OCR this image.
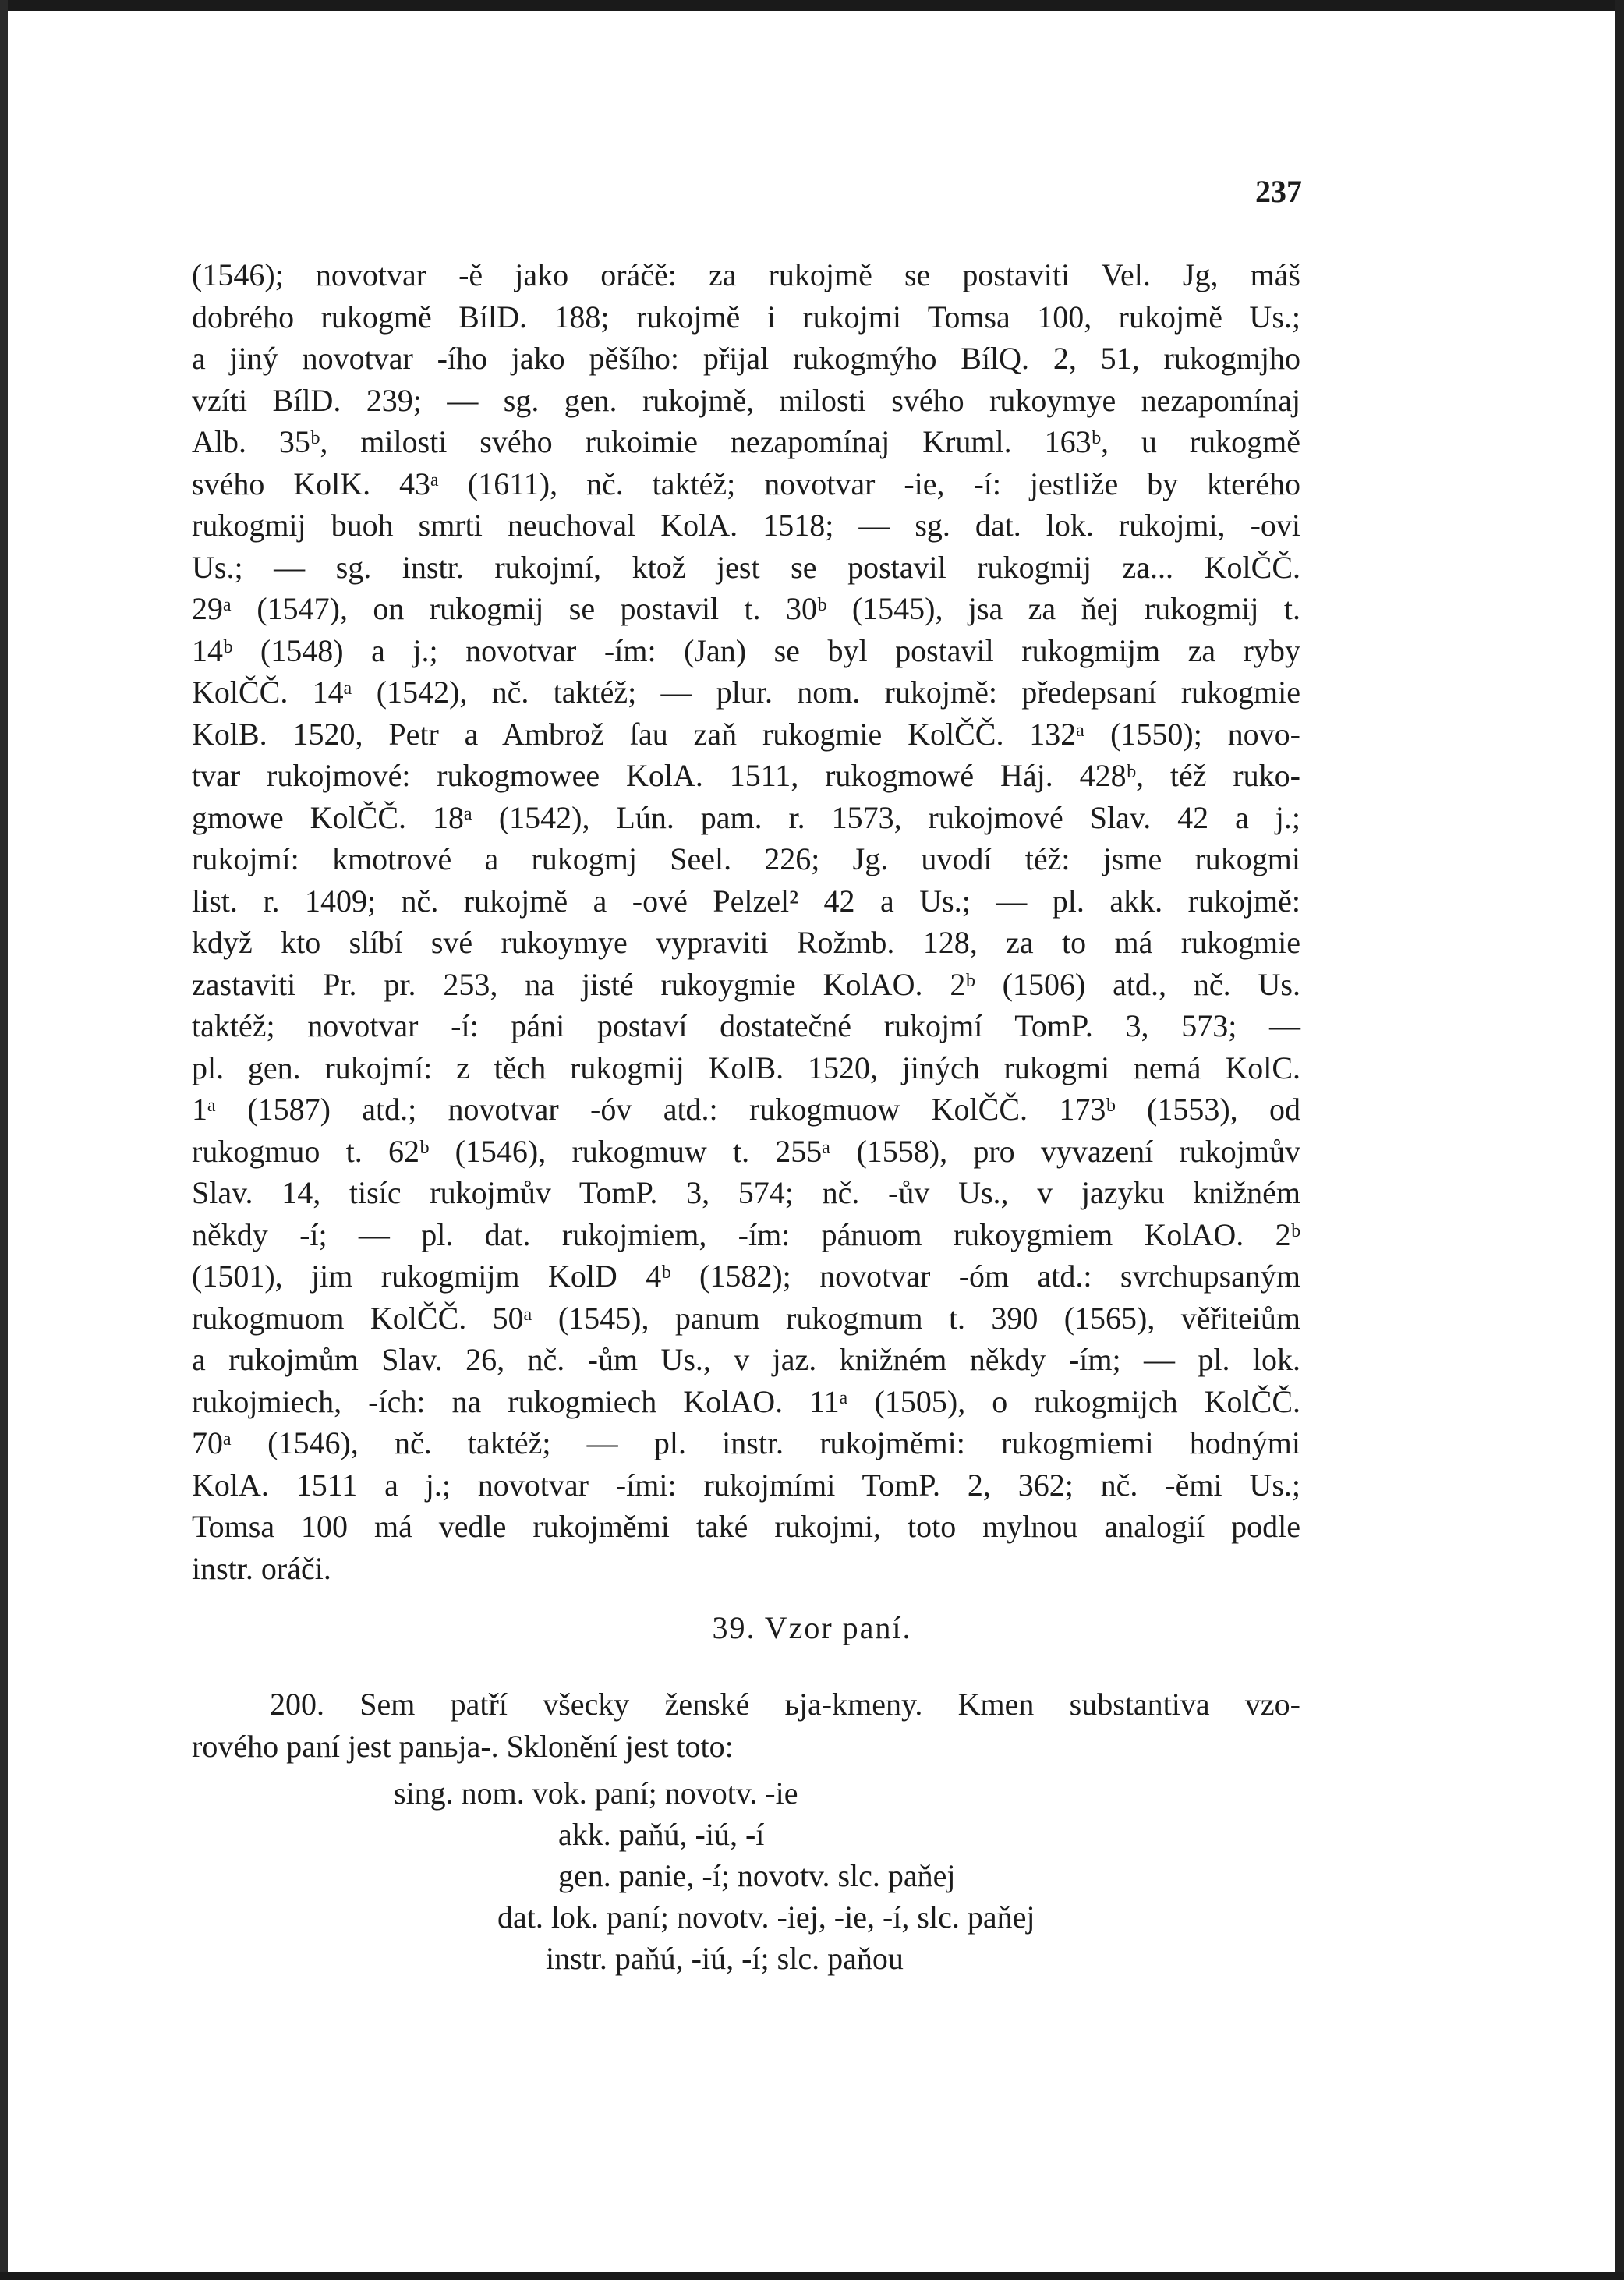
237
(1546); novotvar -ě jako oráčě: za rukojmě se postaviti Vel. Jg, máš
dobrého rukogmě BílD. 188; rukojmě i rukojmi Tomsa 100, rukojmě Us.;
a jiný novotvar -ího jako pěšího: přijal rukogmýho BílQ. 2, 51, rukogmjho
vzíti BílD. 239; — sg. gen. rukojmě, milosti svého rukoymye nezapomínaj
Alb. 35ᵇ, milosti svého rukoimie nezapomínaj Kruml. 163ᵇ, u rukogmě
svého KolK. 43ᵃ (1611), nč. taktéž; novotvar -ie, -í: jestliže by kterého
rukogmij buoh smrti neuchoval KolA. 1518; — sg. dat. lok. rukojmi, -ovi
Us.; — sg. instr. rukojmí, ktož jest se postavil rukogmij za... KolČČ.
29ᵃ (1547), on rukogmij se postavil t. 30ᵇ (1545), jsa za ňej rukogmij t.
14ᵇ (1548) a j.; novotvar -ím: (Jan) se byl postavil rukogmijm za ryby
KolČČ. 14ᵃ (1542), nč. taktéž; — plur. nom. rukojmě: předepsaní rukogmie
KolB. 1520, Petr a Ambrož ſau zaň rukogmie KolČČ. 132ᵃ (1550); novo-
tvar rukojmové: rukogmowee KolA. 1511, rukogmowé Háj. 428ᵇ, též ruko-
gmowe KolČČ. 18ᵃ (1542), Lún. pam. r. 1573, rukojmové Slav. 42 a j.;
rukojmí: kmotrové a rukogmj Seel. 226; Jg. uvodí též: jsme rukogmi
list. r. 1409; nč. rukojmě a -ové Pelzel² 42 a Us.; — pl. akk. rukojmě:
když kto slíbí své rukoymye vypraviti Rožmb. 128, za to má rukogmie
zastaviti Pr. pr. 253, na jisté rukoygmie KolAO. 2ᵇ (1506) atd., nč. Us.
taktéž; novotvar -í: páni postaví dostatečné rukojmí TomP. 3, 573; —
pl. gen. rukojmí: z těch rukogmij KolB. 1520, jiných rukogmi nemá KolC.
1ᵃ (1587) atd.; novotvar -óv atd.: rukogmuow KolČČ. 173ᵇ (1553), od
rukogmuo t. 62ᵇ (1546), rukogmuw t. 255ᵃ (1558), pro vyvazení rukojmův
Slav. 14, tisíc rukojmův TomP. 3, 574; nč. -ův Us., v jazyku knižném
někdy -í; — pl. dat. rukojmiem, -ím: pánuom rukoygmiem KolAO. 2ᵇ
(1501), jim rukogmijm KolD 4ᵇ (1582); novotvar -óm atd.: svrchupsaným
rukogmuom KolČČ. 50ᵃ (1545), panum rukogmum t. 390 (1565), věřiteiům
a rukojmům Slav. 26, nč. -ům Us., v jaz. knižném někdy -ím; — pl. lok.
rukojmiech, -ích: na rukogmiech KolAO. 11ᵃ (1505), o rukogmijch KolČČ.
70ᵃ (1546), nč. taktéž; — pl. instr. rukojměmi: rukogmiemi hodnými
KolA. 1511 a j.; novotvar -ími: rukojmími TomP. 2, 362; nč. -ěmi Us.;
Tomsa 100 má vedle rukojměmi také rukojmi, toto mylnou analogií podle
instr. oráči.
39. Vzor paní.
200. Sem patří všecky ženské ьja-kmeny. Kmen substantiva vzo-
rového paní jest panьja-. Sklonění jest toto:
sing. nom. vok. paní; novotv. -ie
akk. paňú, -iú, -í
gen. panie, -í; novotv. slc. paňej
dat. lok. paní; novotv. -iej, -ie, -í, slc. paňej
instr. paňú, -iú, -í; slc. paňou
